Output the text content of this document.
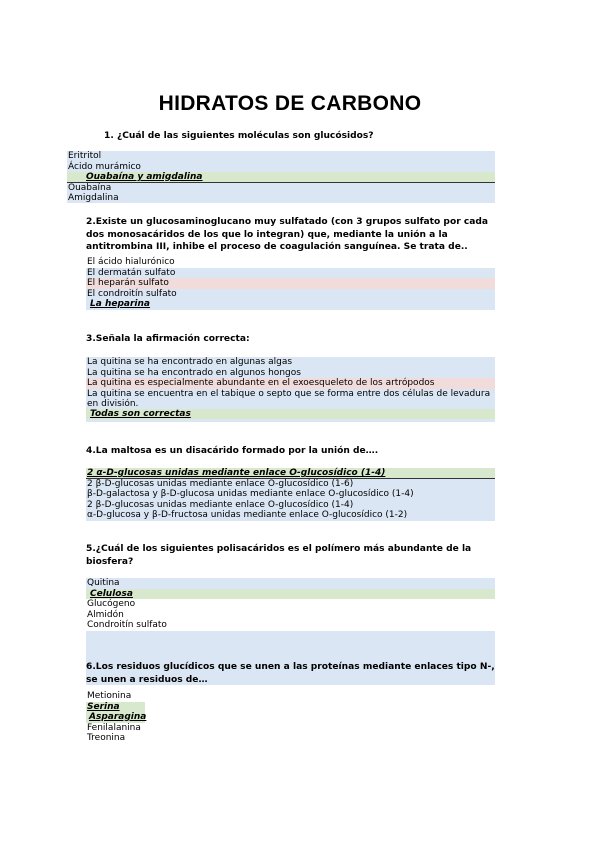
HIDRATOS DE CARBONO
1. ¿Cuál de las siguientes moléculas son glucósidos?
Eritritol
Ácido murámico
Ouabaína y amigdalina
Ouabaína
Amigdalina
2.Existe un glucosaminoglucano muy sulfatado (con 3 grupos sulfato por cada dos monosacáridos de los que lo integran) que, mediante la unión a la antitrombina III, inhibe el proceso de coagulación sanguínea. Se trata de..
El ácido hialurónico
El dermatán sulfato
El heparán sulfato
El condroitín sulfato
La heparina
3.Señala la afirmación correcta:
La quitina se ha encontrado en algunas algas
La quitina se ha encontrado en algunos hongos
La quitina es especialmente abundante en el exoesqueleto de los artrópodos
La quitina se encuentra en el tabique o septo que se forma entre dos células de levadura en división.
Todas son correctas
4.La maltosa es un disacárido formado por la unión de….
2 α-D-glucosas unidas mediante enlace O-glucosídico (1-4)
2 β-D-glucosas unidas mediante enlace O-glucosídico (1-6)
β-D-galactosa y β-D-glucosa unidas mediante enlace O-glucosídico (1-4)
2 β-D-glucosas unidas mediante enlace O-glucosídico (1-4)
α-D-glucosa y β-D-fructosa unidas mediante enlace O-glucosídico (1-2)
5.¿Cuál de los siguientes polisacáridos es el polímero más abundante de la biosfera?
Quitina
Celulosa
Glucógeno
Almidón
Condroitín sulfato
6.Los residuos glucídicos que se unen a las proteínas mediante enlaces tipo N-, se unen a residuos de…
Metionina
Serina
Asparagina
Fenilalanina
Treonina
